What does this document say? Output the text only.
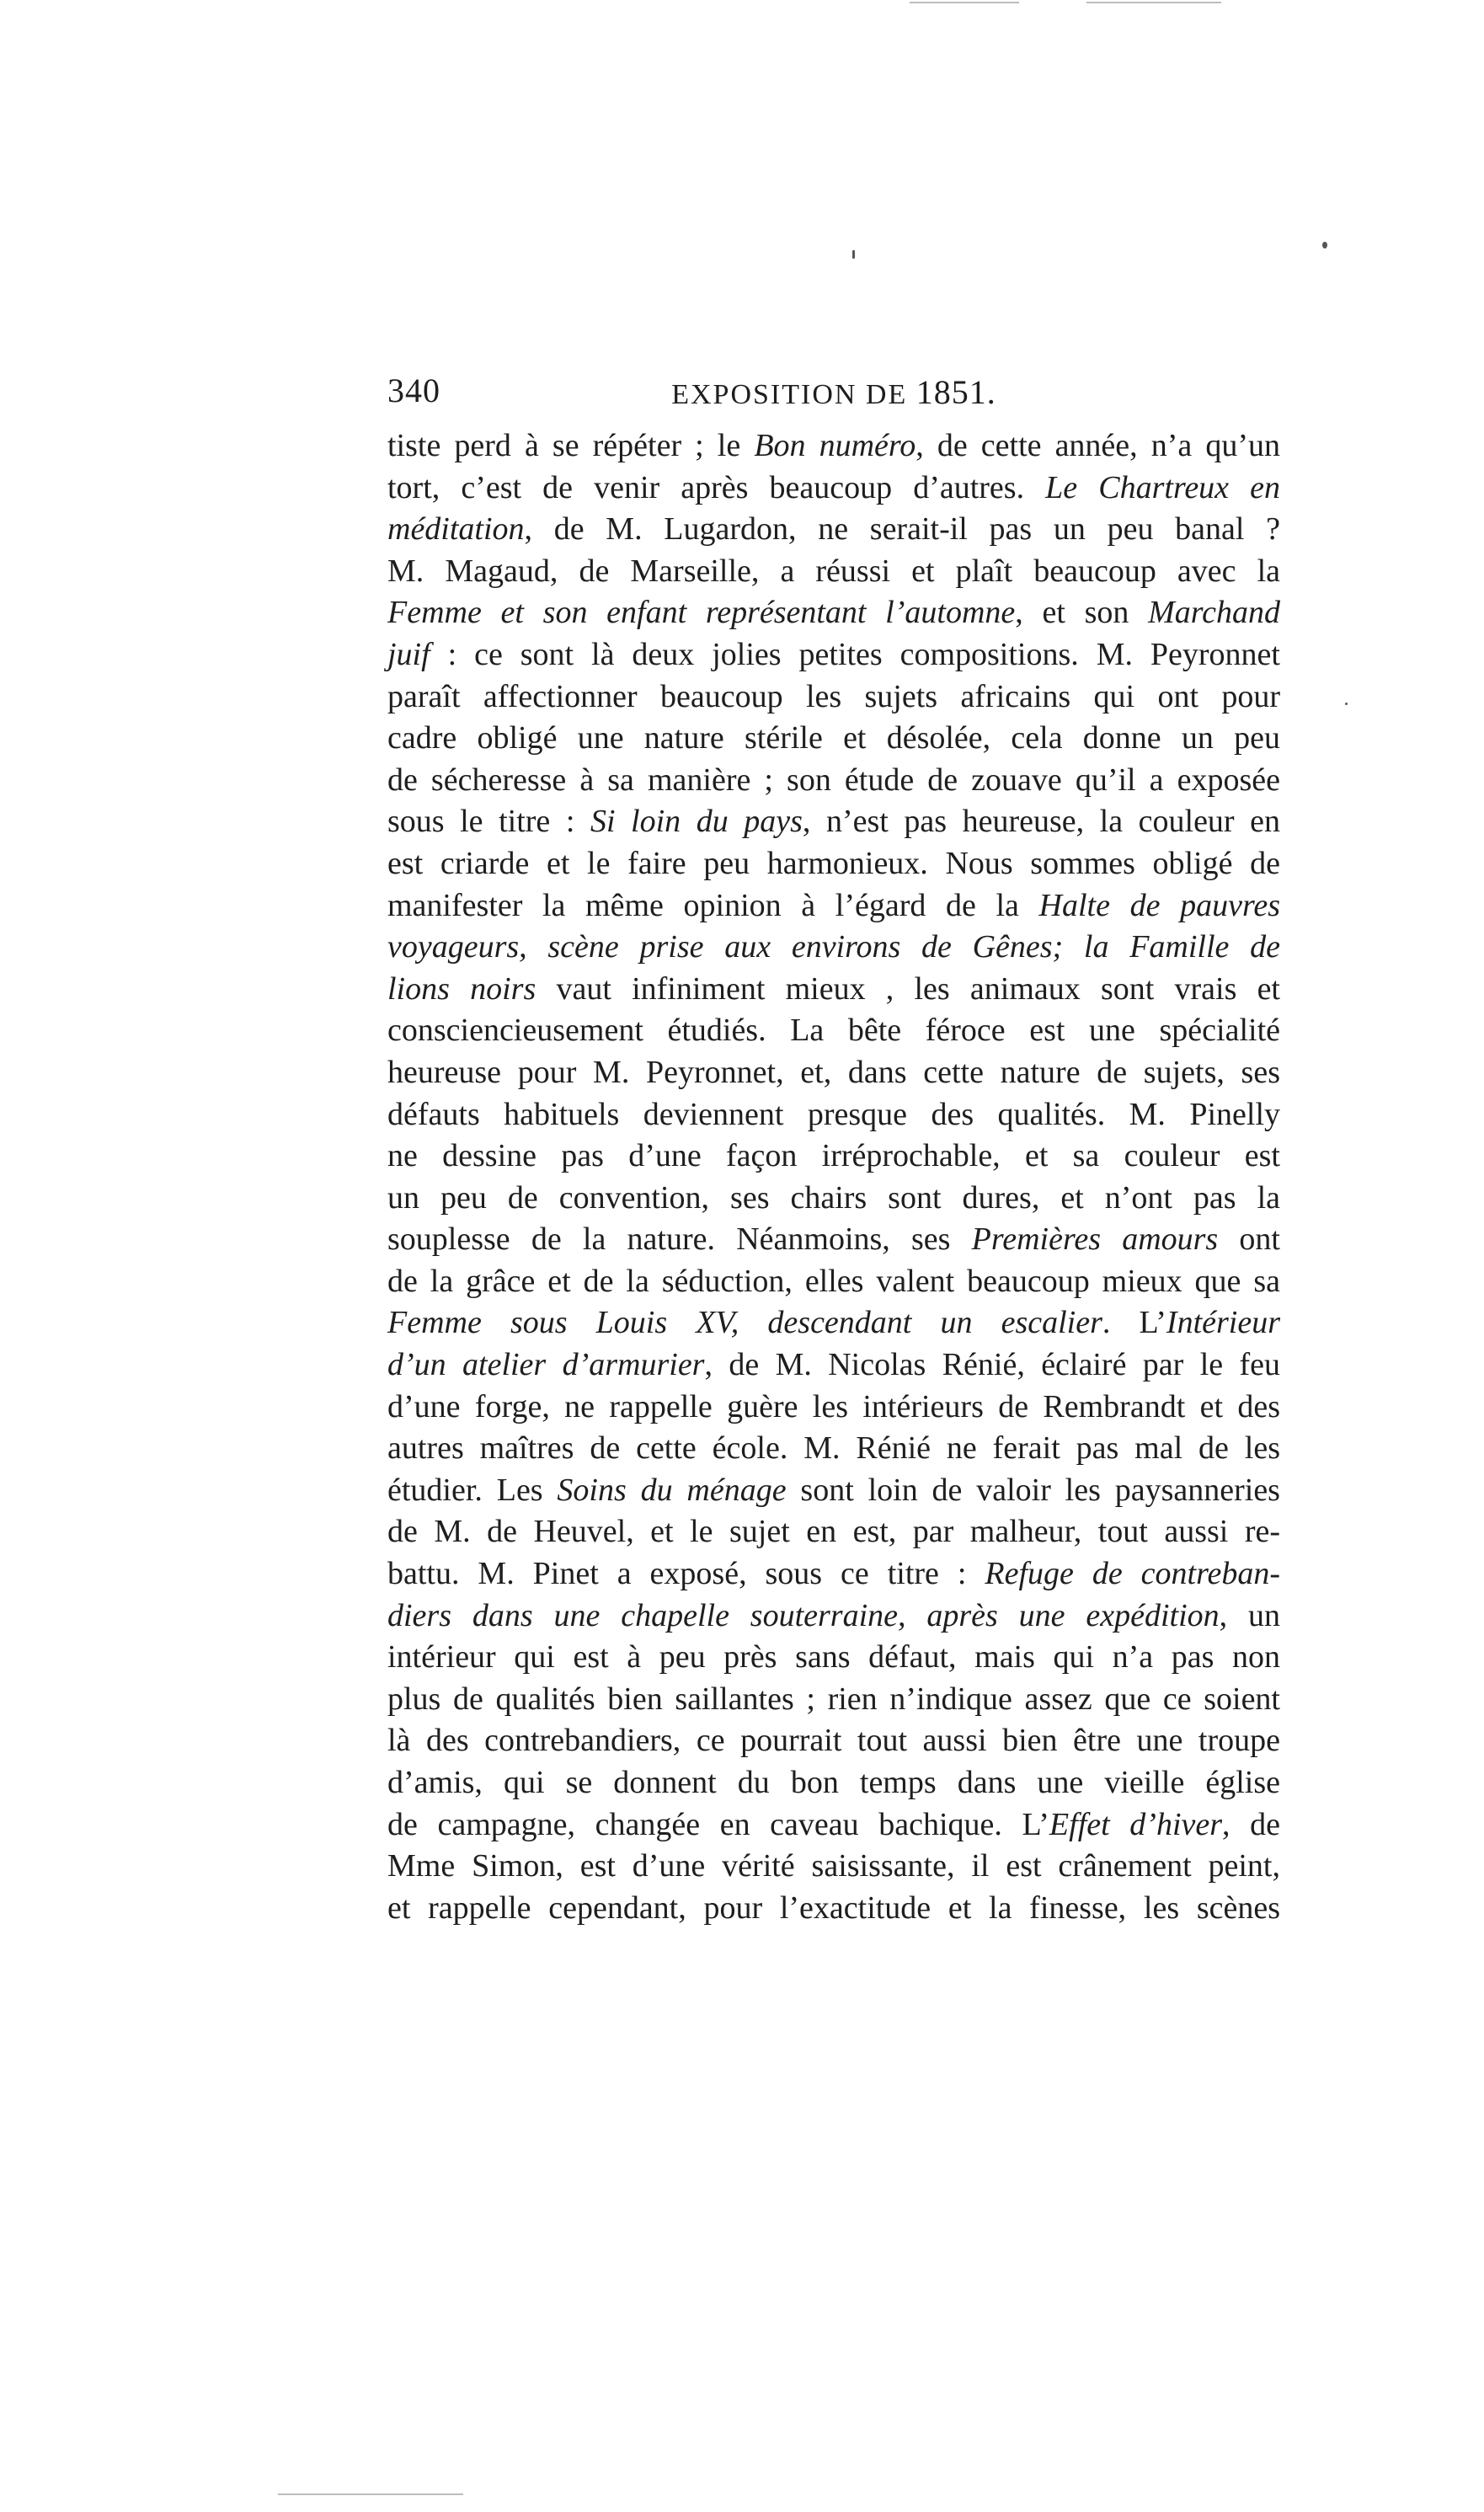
340	EXPOSITION DE 1851.
tiste perd à se répéter ; le Bon numéro, de cette année, n’a qu’un
tort, c’est de venir après beaucoup d’autres. Le Chartreux en
méditation, de M. Lugardon, ne serait-il pas un peu banal ?
M. Magaud, de Marseille, a réussi et plaît beaucoup avec la
Femme et son enfant représentant l’automne, et son Marchand
juif : ce sont là deux jolies petites compositions. M. Peyronnet
paraît affectionner beaucoup les sujets africains qui ont pour
cadre obligé une nature stérile et désolée, cela donne un peu
de sécheresse à sa manière ; son étude de zouave qu’il a exposée
sous le titre : Si loin du pays, n’est pas heureuse, la couleur en
est criarde et le faire peu harmonieux. Nous sommes obligé de
manifester la même opinion à l’égard de la Halte de pauvres
voyageurs, scène prise aux environs de Gênes; la Famille de
lions noirs vaut infiniment mieux , les animaux sont vrais et
consciencieusement étudiés. La bête féroce est une spécialité
heureuse pour M. Peyronnet, et, dans cette nature de sujets, ses
défauts habituels deviennent presque des qualités. M. Pinelly
ne dessine pas d’une façon irréprochable, et sa couleur est
un peu de convention, ses chairs sont dures, et n’ont pas la
souplesse de la nature. Néanmoins, ses Premières amours ont
de la grâce et de la séduction, elles valent beaucoup mieux que sa
Femme sous Louis XV, descendant un escalier. L’Intérieur
d’un atelier d’armurier, de M. Nicolas Rénié, éclairé par le feu
d’une forge, ne rappelle guère les intérieurs de Rembrandt et des
autres maîtres de cette école. M. Rénié ne ferait pas mal de les
étudier. Les Soins du ménage sont loin de valoir les paysanneries
de M. de Heuvel, et le sujet en est, par malheur, tout aussi re-
battu. M. Pinet a exposé, sous ce titre : Refuge de contreban-
diers dans une chapelle souterraine, après une expédition, un
intérieur qui est à peu près sans défaut, mais qui n’a pas non
plus de qualités bien saillantes ; rien n’indique assez que ce soient
là des contrebandiers, ce pourrait tout aussi bien être une troupe
d’amis, qui se donnent du bon temps dans une vieille église
de campagne, changée en caveau bachique. L’Effet d’hiver, de
Mme Simon, est d’une vérité saisissante, il est crânement peint,
et rappelle cependant, pour l’exactitude et la finesse, les scènes
